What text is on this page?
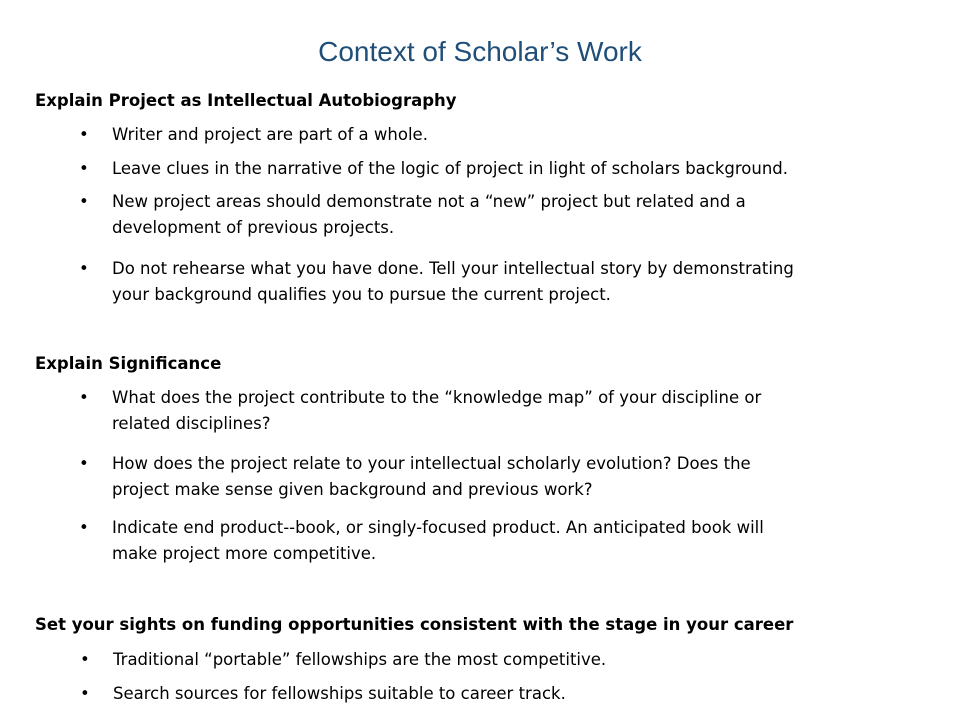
Context of Scholar’s Work
Explain Project as Intellectual Autobiography
• Writer and project are part of a whole.
• Leave clues in the narrative of the logic of project in light of scholars background.
• New project areas should demonstrate not a “new” project but related and a
development of previous projects.
• Do not rehearse what you have done. Tell your intellectual story by demonstrating
your background qualifies you to pursue the current project.
Explain Significance
• What does the project contribute to the “knowledge map” of your discipline or
related disciplines?
• How does the project relate to your intellectual scholarly evolution? Does the
project make sense given background and previous work?
• Indicate end product--book, or singly-focused product. An anticipated book will
make project more competitive.
Set your sights on funding opportunities consistent with the stage in your career
• Traditional “portable” fellowships are the most competitive.
• Search sources for fellowships suitable to career track.
